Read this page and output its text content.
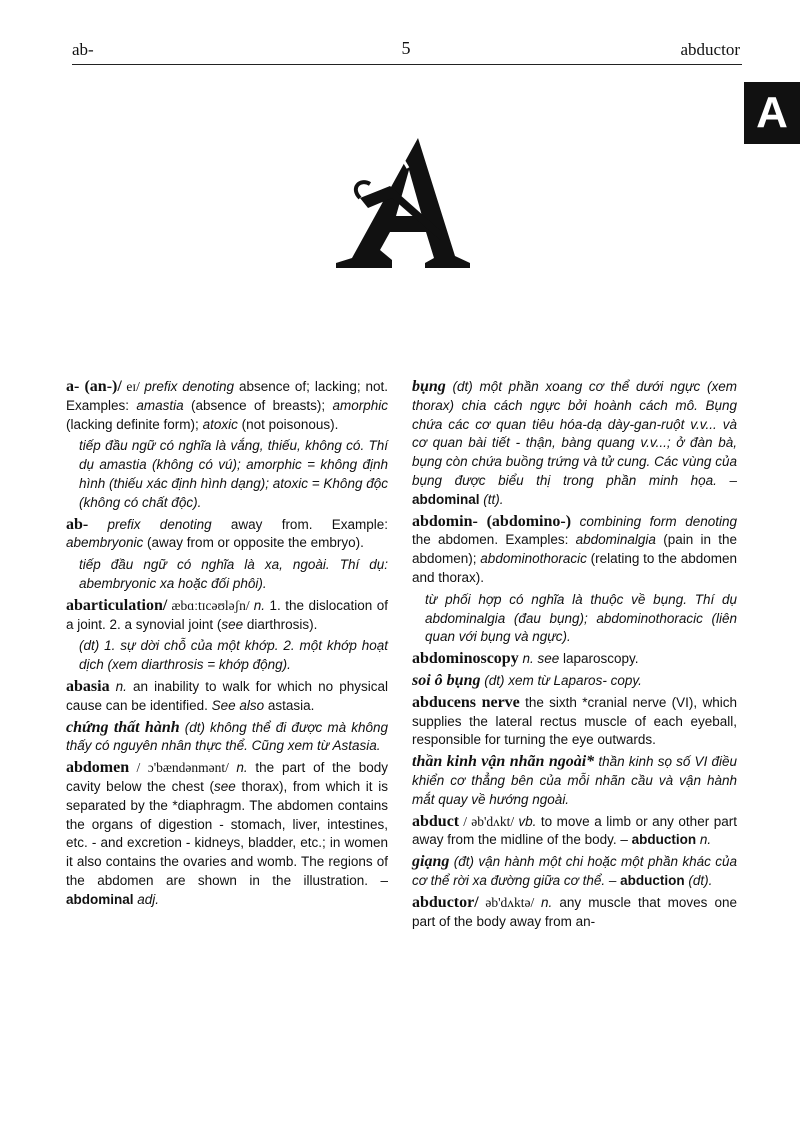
ab-	5	abductor
A
a- (an-)/ eɪ/ prefix denoting absence of; lacking; not. Examples: amastia (absence of breasts); amorphic (lacking definite form); atoxic (not poisonous).
tiếp đầu ngữ có nghĩa là vắng, thiếu, không có. Thí dụ amastia (không có vú); amorphic = không định hình (thiếu xác định hình dạng); atoxic = Không độc (không có chất độc).
ab- prefix denoting away from. Example: abembryonic (away from or opposite the embryo).
tiếp đầu ngữ có nghĩa là xa, ngoài. Thí dụ: abembryonic xa hoặc đối phôi).
abarticulation/ æbɑːtɪcəʊləʃn/ n. 1. the dislocation of a joint. 2. a synovial joint (see diarthrosis).
(dt) 1. sự dời chỗ của một khớp. 2. một khớp hoạt dịch (xem diarthrosis = khớp động).
abasia n. an inability to walk for which no physical cause can be identified. See also astasia.
chứng thất hành (dt) không thể đi được mà không thấy có nguyên nhân thực thể. Cũng xem từ Astasia.
abdomen / ɔ'bændənmənt/ n. the part of the body cavity below the chest (see thorax), from which it is separated by the *diaphragm. The abdomen contains the organs of digestion - stomach, liver, intestines, etc. - and excretion - kidneys, bladder, etc.; in women it also contains the ovaries and womb. The regions of the abdomen are shown in the illustration. – abdominal adj.
bụng (dt) một phần xoang cơ thể dưới ngực (xem thorax) chia cách ngực bởi hoành cách mô. Bụng chứa các cơ quan tiêu hóa-dạ dày-gan-ruột v.v... và cơ quan bài tiết - thận, bàng quang v.v...; ở đàn bà, bụng còn chứa buồng trứng và tử cung. Các vùng của bụng được biểu thị trong phần minh họa. – abdominal (tt).
abdomin- (abdomino-) combining form denoting the abdomen. Examples: abdominalgia (pain in the abdomen); abdominothoracic (relating to the abdomen and thorax).
từ phối hợp có nghĩa là thuộc về bụng. Thí dụ abdominalgia (đau bụng); abdominothoracic (liên quan với bụng và ngực).
abdominoscopy n. see laparoscopy.
soi ô bụng (dt) xem từ Laparos- copy.
abducens nerve the sixth *cranial nerve (VI), which supplies the lateral rectus muscle of each eyeball, responsible for turning the eye outwards.
thần kinh vận nhãn ngoài* thần kinh sọ số VI điều khiển cơ thẳng bên của mỗi nhãn cầu và vận hành mắt quay về hướng ngoài.
abduct / əb'dʌkt/ vb. to move a limb or any other part away from the midline of the body. – abduction n.
giạng (đt) vận hành một chi hoặc một phần khác của cơ thể rời xa đường giữa cơ thể. – abduction (dt).
abductor/ əb'dʌktə/ n. any muscle that moves one part of the body away from an-
